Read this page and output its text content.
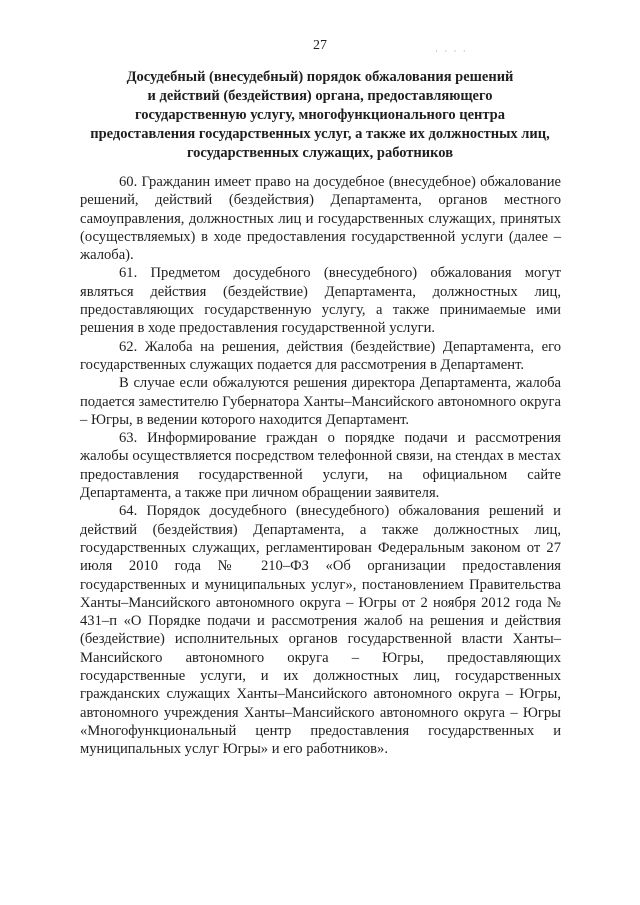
27	· · · ·
Досудебный (внесудебный) порядок обжалования решений
и действий (бездействия) органа, предоставляющего
государственную услугу, многофункционального центра
предоставления государственных услуг, а также их должностных лиц,
государственных служащих, работников

60. Гражданин имеет право на досудебное (внесудебное) обжалование решений, действий (бездействия) Департамента, органов местного самоуправления, должностных лиц и государственных служащих, принятых (осуществляемых) в ходе предоставления государственной услуги (далее – жалоба).

61. Предметом досудебного (внесудебного) обжалования могут являться действия (бездействие) Департамента, должностных лиц, предоставляющих государственную услугу, а также принимаемые ими решения в ходе предоставления государственной услуги.

62. Жалоба на решения, действия (бездействие) Департамента, его государственных служащих подается для рассмотрения в Департамент.

В случае если обжалуются решения директора Департамента, жалоба подается заместителю Губернатора Ханты–Мансийского автономного округа – Югры, в ведении которого находится Департамент.

63. Информирование граждан о порядке подачи и рассмотрения жалобы осуществляется посредством телефонной связи, на стендах в местах предоставления государственной услуги, на официальном сайте Департамента, а также при личном обращении заявителя.

64. Порядок досудебного (внесудебного) обжалования решений и действий (бездействия) Департамента, а также должностных лиц, государственных служащих, регламентирован Федеральным законом от 27 июля 2010 года № 210–ФЗ «Об организации предоставления государственных и муниципальных услуг», постановлением Правительства Ханты–Мансийского автономного округа – Югры от 2 ноября 2012 года № 431–п «О Порядке подачи и рассмотрения жалоб на решения и действия (бездействие) исполнительных органов государственной власти Ханты–Мансийского автономного округа – Югры, предоставляющих государственные услуги, и их должностных лиц, государственных гражданских служащих Ханты–Мансийского автономного округа – Югры, автономного учреждения Ханты–Мансийского автономного округа – Югры «Многофункциональный центр предоставления государственных и муниципальных услуг Югры» и его работников».
